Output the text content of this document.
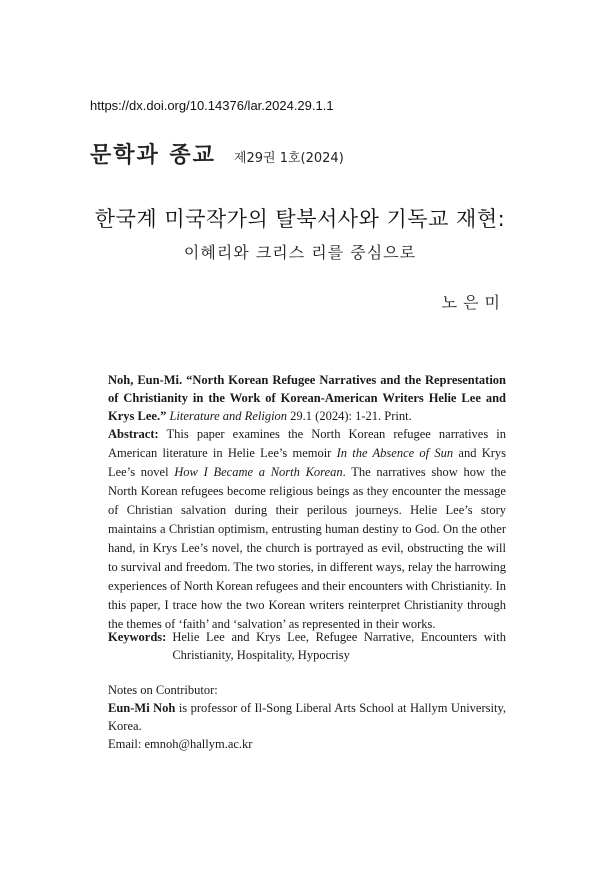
https://dx.doi.org/10.14376/lar.2024.29.1.1
문학과 종교 제29권 1호(2024)
한국계 미국작가의 탈북서사와 기독교 재현:
이혜리와 크리스 리를 중심으로
노은미
Noh, Eun-Mi. “North Korean Refugee Narratives and the Representation of Christianity in the Work of Korean-American Writers Helie Lee and Krys Lee.” Literature and Religion 29.1 (2024): 1-21. Print.
Abstract: This paper examines the North Korean refugee narratives in American literature in Helie Lee’s memoir In the Absence of Sun and Krys Lee’s novel How I Became a North Korean. The narratives show how the North Korean refugees become religious beings as they encounter the message of Christian salvation during their perilous journeys. Helie Lee’s story maintains a Christian optimism, entrusting human destiny to God. On the other hand, in Krys Lee’s novel, the church is portrayed as evil, obstructing the will to survival and freedom. The two stories, in different ways, relay the harrowing experiences of North Korean refugees and their encounters with Christianity. In this paper, I trace how the two Korean writers reinterpret Christianity through the themes of ‘faith’ and ‘salvation’ as represented in their works.
Keywords: Helie Lee and Krys Lee, Refugee Narrative, Encounters with Christianity, Hospitality, Hypocrisy
Notes on Contributor:
Eun-Mi Noh is professor of Il-Song Liberal Arts School at Hallym University, Korea.
Email: emnoh@hallym.ac.kr
